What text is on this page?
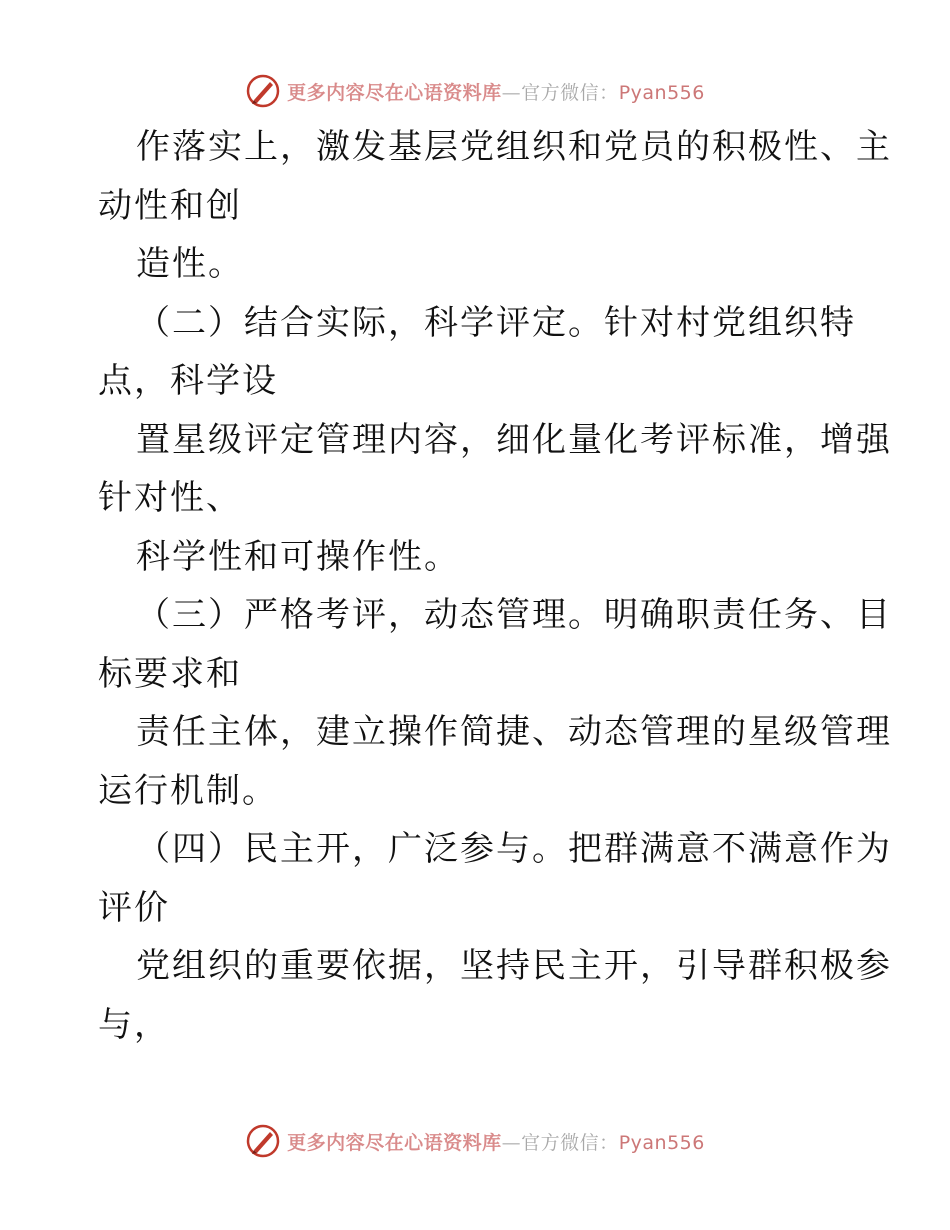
更多内容尽在心语资料库—官方微信：Pyan556
作落实上，激发基层党组织和党员的积极性、主
动性和创
造性。
（二）结合实际，科学评定。针对村党组织特
点，科学设
置星级评定管理内容，细化量化考评标准，增强
针对性、
科学性和可操作性。
（三）严格考评，动态管理。明确职责任务、目
标要求和
责任主体，建立操作简捷、动态管理的星级管理
运行机制。
（四）民主开，广泛参与。把群满意不满意作为
评价
党组织的重要依据，坚持民主开，引导群积极参
与，
更多内容尽在心语资料库—官方微信：Pyan556
